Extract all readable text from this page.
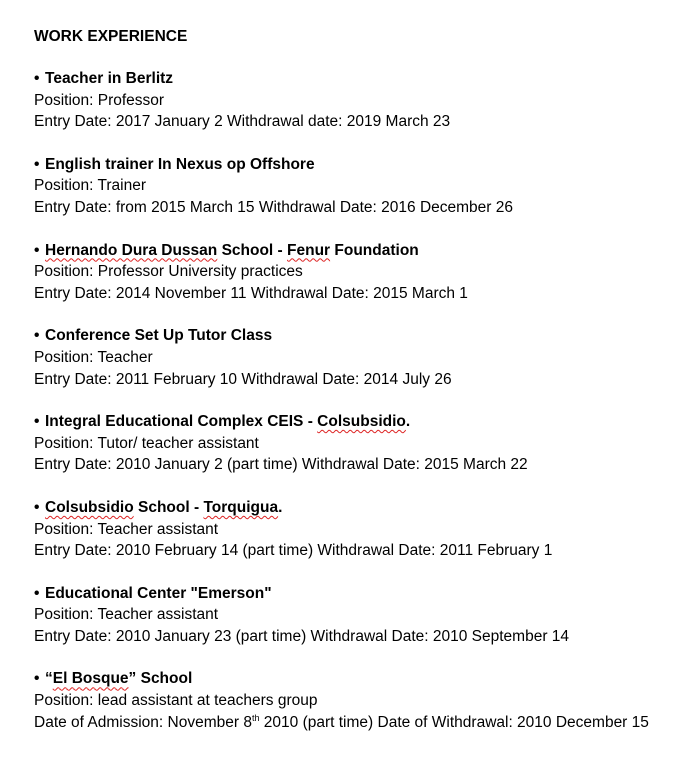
WORK EXPERIENCE
• Teacher in Berlitz
Position: Professor
Entry Date: 2017 January 2 Withdrawal date: 2019 March 23
• English trainer In Nexus op Offshore
Position: Trainer
Entry Date: from 2015 March 15 Withdrawal Date: 2016 December 26
• Hernando Dura Dussan School - Fenur Foundation
Position: Professor University practices
Entry Date: 2014 November 11 Withdrawal Date: 2015 March 1
• Conference Set Up Tutor Class
Position: Teacher
Entry Date: 2011 February 10 Withdrawal Date: 2014 July 26
• Integral Educational Complex CEIS - Colsubsidio.
Position: Tutor/ teacher assistant
Entry Date: 2010 January 2 (part time) Withdrawal Date: 2015 March 22
• Colsubsidio School - Torquigua.
Position: Teacher assistant
Entry Date: 2010 February 14 (part time) Withdrawal Date: 2011 February 1
• Educational Center "Emerson"
Position: Teacher assistant
Entry Date: 2010 January 23 (part time) Withdrawal Date: 2010 September 14
• “El Bosque” School
Position: lead assistant at teachers group
Date of Admission: November 8th 2010 (part time) Date of Withdrawal: 2010 December 15
